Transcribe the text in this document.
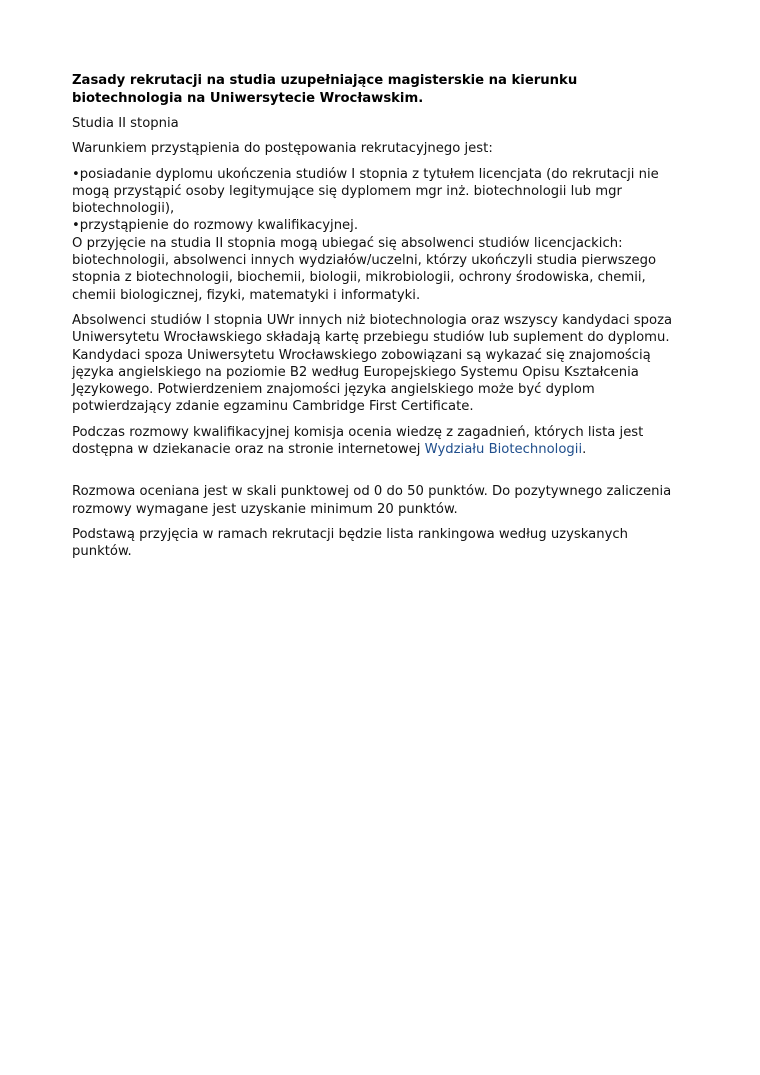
Zasady rekrutacji na studia uzupełniające magisterskie na kierunku biotechnologia na Uniwersytecie Wrocławskim.

Studia II stopnia

Warunkiem przystąpienia do postępowania rekrutacyjnego jest:

•posiadanie dyplomu ukończenia studiów I stopnia z tytułem licencjata (do rekrutacji nie mogą przystąpić osoby legitymujące się dyplomem mgr inż. biotechnologii lub mgr biotechnologii),
•przystąpienie do rozmowy kwalifikacyjnej.
O przyjęcie na studia II stopnia mogą ubiegać się absolwenci studiów licencjackich: biotechnologii, absolwenci innych wydziałów/uczelni, którzy ukończyli studia pierwszego stopnia z biotechnologii, biochemii, biologii, mikrobiologii, ochrony środowiska, chemii, chemii biologicznej, fizyki, matematyki i informatyki.

Absolwenci studiów I stopnia UWr innych niż biotechnologia oraz wszyscy kandydaci spoza Uniwersytetu Wrocławskiego składają kartę przebiegu studiów lub suplement do dyplomu. Kandydaci spoza Uniwersytetu Wrocławskiego zobowiązani są wykazać się znajomością języka angielskiego na poziomie B2 według Europejskiego Systemu Opisu Kształcenia Językowego. Potwierdzeniem znajomości języka angielskiego może być dyplom potwierdzający zdanie egzaminu Cambridge First Certificate.

Podczas rozmowy kwalifikacyjnej komisja ocenia wiedzę z zagadnień, których lista jest dostępna w dziekanacie oraz na stronie internetowej Wydziału Biotechnologii.

Rozmowa oceniana jest w skali punktowej od 0 do 50 punktów. Do pozytywnego zaliczenia rozmowy wymagane jest uzyskanie minimum 20 punktów.

Podstawą przyjęcia w ramach rekrutacji będzie lista rankingowa według uzyskanych punktów.
